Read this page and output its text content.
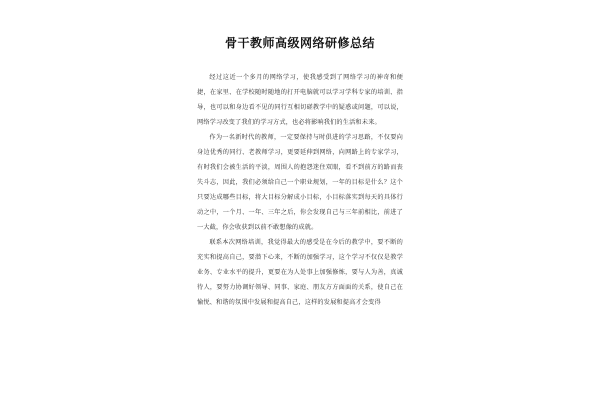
骨干教师高级网络研修总结

经过这近一个多月的网络学习，使我感受到了网络学习的神奇和便捷，在家里、在学校随时随地的打开电脑就可以学习学科专家的培训、指导，也可以和身边看不见的同行互相切磋教学中的疑惑或问题，可以说，网络学习改变了我们的学习方式，也必将影响我们的生活和未来。

作为一名新时代的教师，一定要保持与时俱进的学习思路，不仅要向身边优秀的同行、老教师学习，更要延伸到网络，向网路上的专家学习，有时我们会被生活的平淡，周围人的抱怨迷住双眼，看不到前方的路而丧失斗志，因此，我们必须给自己一个职业规划，一年的目标是什么？这个只要达成哪些目标，将大目标分解成小目标，小目标落实到每天的具体行动之中，一个月、一年、三年之后，你会发现自己与三年前相比，前进了一大截，你会收获到以前不敢想像的成就。

联系本次网络培训，我觉得最大的感受是在今后的教学中，要不断的充实和提高自己，要潜下心来，不断的加强学习，这个学习不仅仅是教学业务、专业水平的提升，更要在为人处事上加强修炼，要与人为善，真诚待人，要努力协调好领导、同事、家庭、朋友方方面面的关系，使自己在愉悦、和谐的氛围中发展和提高自己，这样的发展和提高才会变得
